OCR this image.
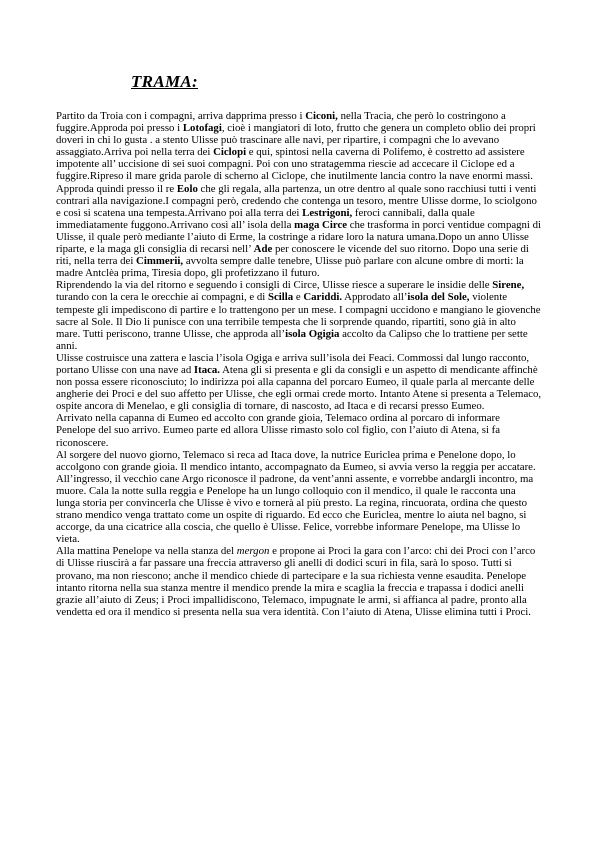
TRAMA:

Partito da Troia con i compagni, arriva dapprima presso i Ciconi, nella Tracia, che però lo costringono a fuggire.Approda poi presso i Lotofagi, cioè i mangiatori di loto, frutto che genera un completo oblio dei propri doveri in chi lo gusta . a stento Ulisse può trascinare alle navi, per ripartire, i compagni che lo avevano assaggiato.Arriva poi nella terra dei Ciclopi e qui, spintosi nella caverna di Polifemo, è costretto ad assistere impotente all’ uccisione di sei suoi compagni. Poi con uno stratagemma riescie ad accecare il Ciclope ed a fuggire.Ripreso il mare grida parole di scherno al Ciclope, che inutilmente lancia contro la nave enormi massi.

Approda quindi presso il re Eolo che gli regala, alla partenza, un otre dentro al quale sono racchiusi tutti i venti contrari alla navigazione.I compagni però, credendo che contenga un tesoro, mentre Ulisse dorme, lo sciolgono e così si scatena una tempesta.Arrivano poi alla terra dei Lestrigoni, feroci cannibali, dalla quale immediatamente fuggono.Arrivano così all’ isola della maga Circe che trasforma in porci ventidue compagni di Ulisse, il quale però mediante l’aiuto di Erme, la costringe a ridare loro la natura umana.Dopo un anno Ulisse riparte, e la maga gli consiglia di recarsi nell’ Ade per conoscere le vicende del suo ritorno. Dopo una serie di riti, nella terra dei Cimmerii, avvolta sempre dalle tenebre, Ulisse può parlare con alcune ombre di morti: la madre Antclèa prima, Tiresia dopo, gli profetizzano il futuro.

Riprendendo la via del ritorno e seguendo i consigli di Circe, Ulisse riesce a superare le insidie delle Sirene, turando con la cera le orecchie ai compagni, e di Scilla e Cariddi. Approdato all’isola del Sole, violente tempeste gli impediscono di partire e lo trattengono per un mese. I compagni uccidono e mangiano le giovenche sacre al Sole. Il Dio li punisce con una terribile tempesta che li sorprende quando, ripartiti, sono già in alto mare. Tutti periscono, tranne Ulisse, che approda all’isola Ogigia accolto da Calipso che lo trattiene per sette anni.

Ulisse costruisce una zattera e lascia l’isola Ogiga e arriva sull’isola dei Feaci. Commossi dal lungo racconto, portano Ulisse con una nave ad Itaca. Atena gli si presenta e gli da consigli e un aspetto di mendicante affinchè non possa essere riconosciuto; lo indirizza poi alla capanna del porcaro Eumeo, il quale parla al mercante delle angherie dei Proci e del suo affetto per Ulisse, che egli ormai crede morto. Intanto Atene si presenta a Telemaco, ospite ancora di Menelao, e gli consiglia di tornare, di nascosto, ad Itaca e di recarsi presso Eumeo.

Arrivato nella capanna di Eumeo ed accolto con grande gioia, Telemaco ordina al porcaro di informare Penelope del suo arrivo. Eumeo parte ed allora Ulisse rimasto solo col figlio, con l’aiuto di Atena, si fa riconoscere.

Al sorgere del nuovo giorno, Telemaco si reca ad Itaca dove, la nutrice Euriclea prima e Penelone dopo, lo accolgono con grande gioia. Il mendico intanto, accompagnato da Eumeo, si avvia verso la reggia per accatare. All’ingresso, il vecchio cane Argo riconosce il padrone, da vent’anni assente, e vorrebbe andargli incontro, ma muore. Cala la notte sulla reggia e Penelope ha un lungo colloquio con il mendico, il quale le racconta una lunga storia per convincerla che Ulisse è vivo e tornerà al più presto. La regina, rincuorata, ordina che questo strano mendico venga trattato come un ospite di riguardo. Ed ecco che Euriclea, mentre lo aiuta nel bagno, si accorge, da una cicatrice alla coscia, che quello è Ulisse. Felice, vorrebbe informare Penelope, ma Ulisse lo vieta.

Alla mattina Penelope va nella stanza del mergon e propone ai Proci la gara con l’arco: chi dei Proci con l’arco di Ulisse riuscirà a far passare una freccia attraverso gli anelli di dodici scuri in fila, sarà lo sposo. Tutti si provano, ma non riescono; anche il mendico chiede di partecipare e la sua richiesta venne esaudita. Penelope intanto ritorna nella sua stanza mentre il mendico prende la mira e scaglia la freccia e trapassa i dodici anelli grazie all’aiuto di Zeus; i Proci impallidiscono, Telemaco, impugnate le armi, si affianca al padre, pronto alla vendetta ed ora il mendico si presenta nella sua vera identità. Con l’aiuto di Atena, Ulisse elimina tutti i Proci.
